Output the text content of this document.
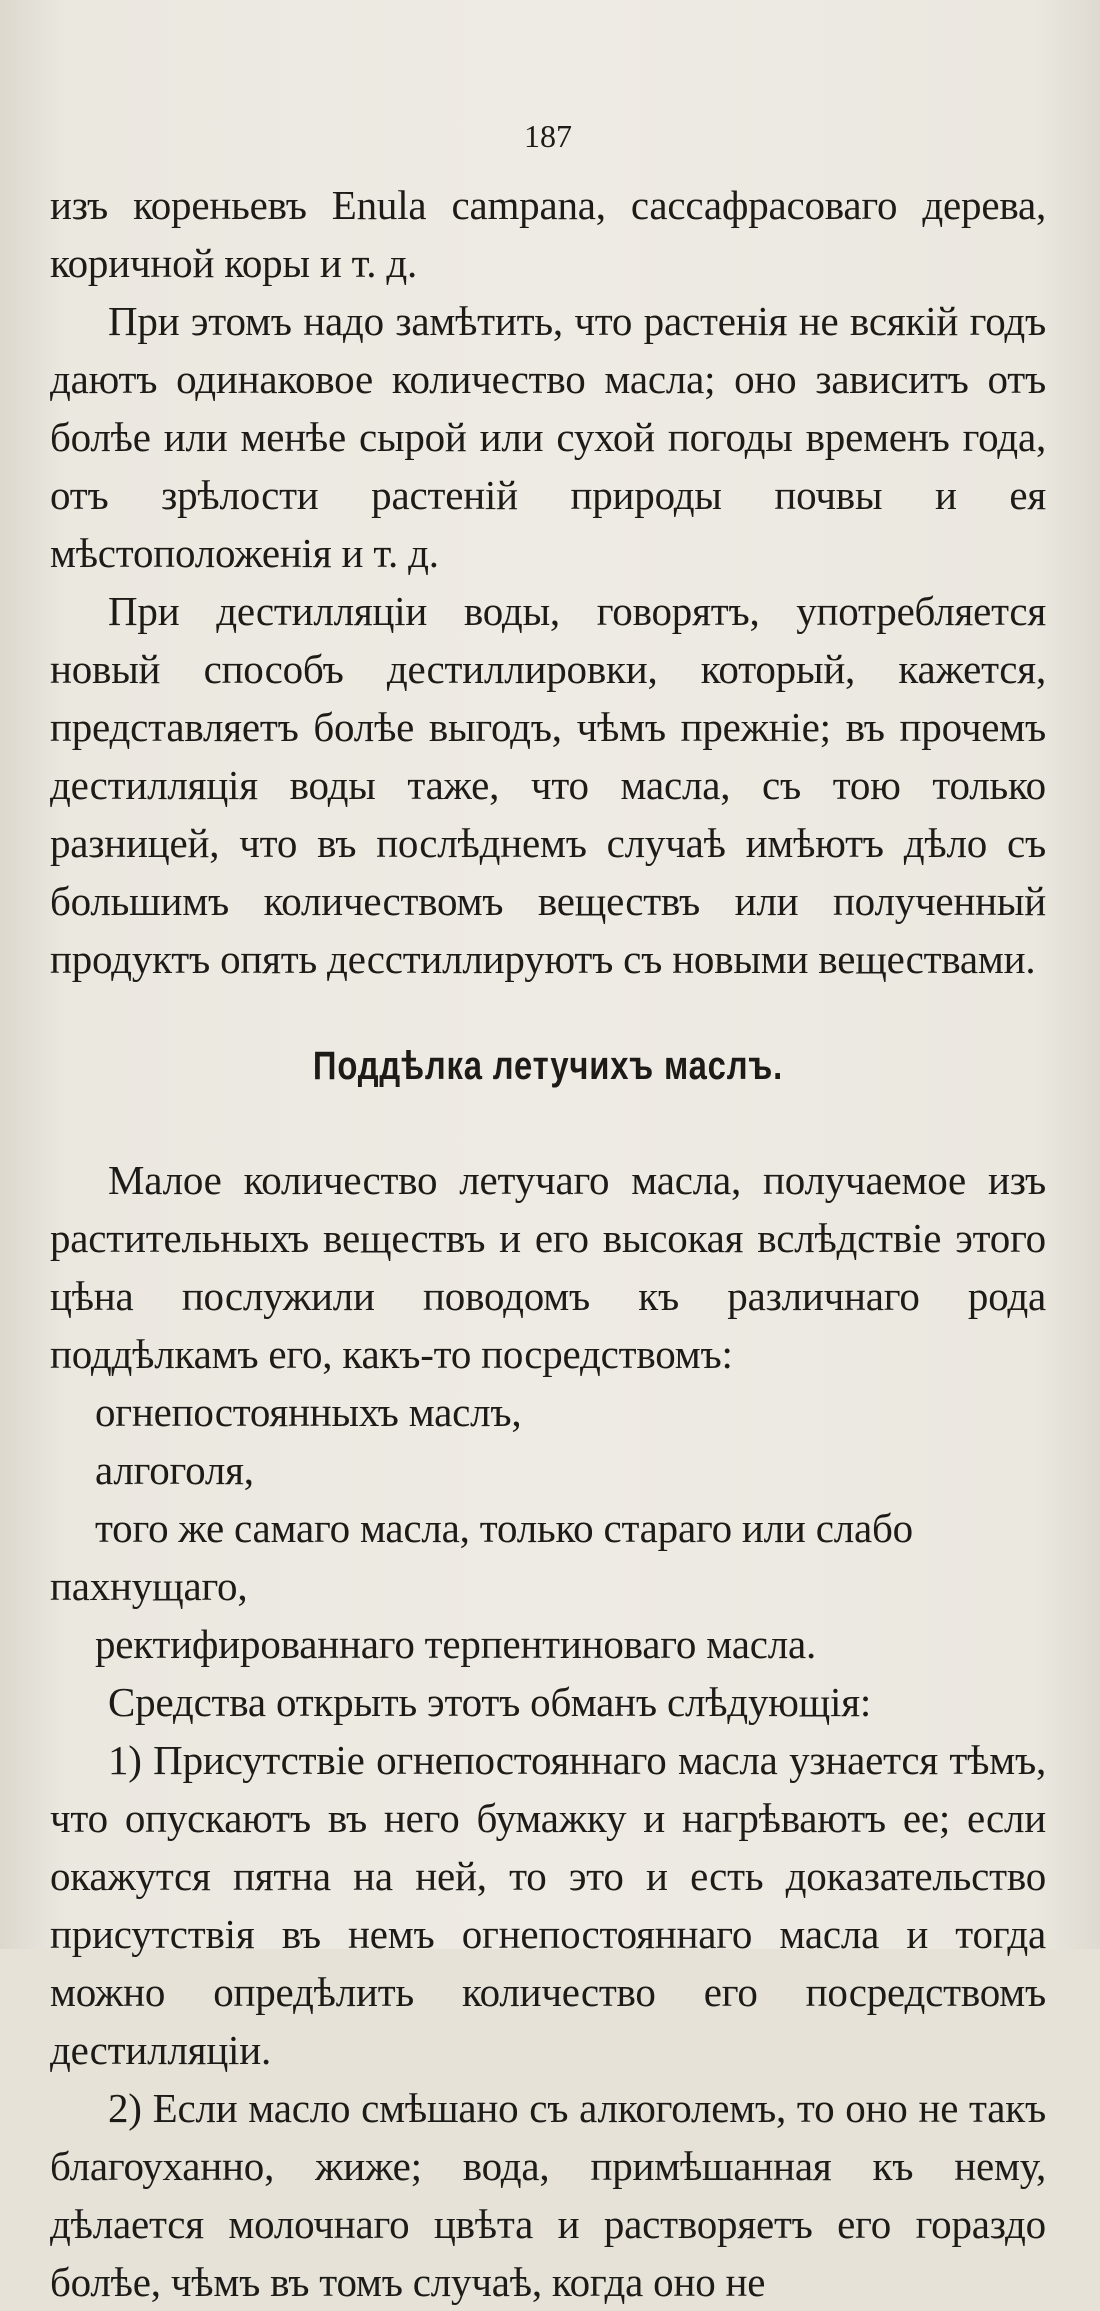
187

изъ кореньевъ Enula campana, сассафрасоваго дерева, коричной коры и т. д.

При этомъ надо замѣтить, что растенія не всякій годъ даютъ одинаковое количество масла; оно зависитъ отъ болѣе или менѣе сырой или сухой погоды временъ года, отъ зрѣлости растеній природы почвы и ея мѣстоположенія и т. д.

При дестилляціи воды, говорятъ, употребляется новый способъ дестиллировки, который, кажется, представляетъ болѣе выгодъ, чѣмъ прежніе; въ прочемъ дестилляція воды таже, что масла, съ тою только разницей, что въ послѣднемъ случаѣ имѣютъ дѣло съ большимъ количествомъ веществъ или полученный продуктъ опять десстиллируютъ съ новыми веществами.

Поддѣлка летучихъ маслъ.

Малое количество летучаго масла, получаемое изъ растительныхъ веществъ и его высокая вслѣдствіе этого цѣна послужили поводомъ къ различнаго рода поддѣлкамъ его, какъ-то посредствомъ:

огнепостоянныхъ маслъ,

алгоголя,

того же самаго масла, только стараго или слабо

пахнущаго,

ректифированнаго терпентиноваго масла.

Средства открыть этотъ обманъ слѣдующія:

1) Присутствіе огнепостояннаго масла узнается тѣмъ, что опускаютъ въ него бумажку и нагрѣваютъ ее; если окажутся пятна на ней, то это и есть доказательство присутствія въ немъ огнепостояннаго масла и тогда можно опредѣлить количество его посредствомъ дестилляціи.

2) Если масло смѣшано съ алкоголемъ, то оно не такъ благоуханно, жиже; вода, примѣшанная къ нему, дѣлается молочнаго цвѣта и растворяетъ его гораздо болѣе, чѣмъ въ томъ случаѣ, когда оно не
